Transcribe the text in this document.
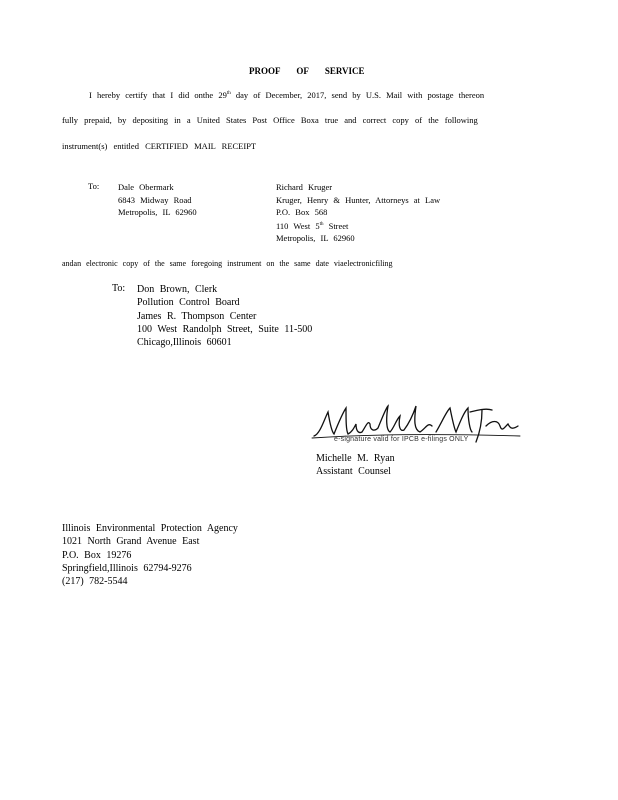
PROOF OF SERVICE
I hereby certify that I did onthe 29th day of December, 2017, send by U.S. Mail with postage thereon
fully prepaid, by depositing in a United States Post Office Boxa true and correct copy of the following
instrument(s) entitled CERTIFIED MAIL RECEIPT
To: Dale Obermark
6843 Midway Road
Metropolis, IL 62960
Richard Kruger
Kruger, Henry & Hunter, Attorneys at Law
P.O. Box 568
110 West 5th Street
Metropolis, IL 62960
andan electronic copy of the same foregoing instrument on the same date viaelectronicfiling
To: Don Brown, Clerk
Pollution Control Board
James R. Thompson Center
100 West Randolph Street, Suite 11-500
Chicago,Illinois 60601
e-signature valid for IPCB e-filings ONLY
Michelle M. Ryan
Assistant Counsel
Illinois Environmental Protection Agency
1021 North Grand Avenue East
P.O. Box 19276
Springfield,Illinois 62794-9276
(217) 782-5544
